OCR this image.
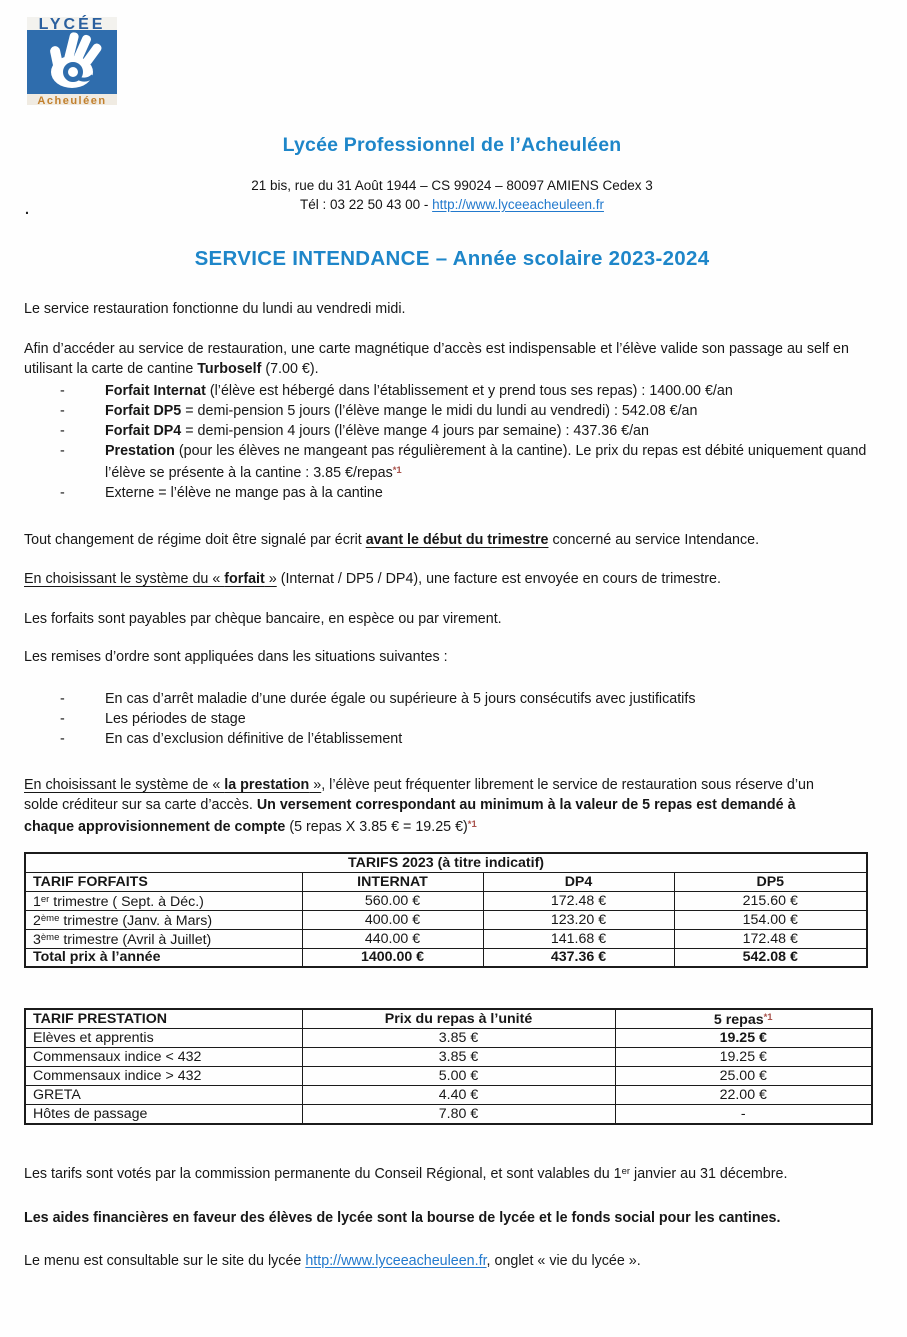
LYCÉE
Acheuléen
.
Lycée Professionnel de l’Acheuléen
21 bis, rue du 31 Août 1944 – CS 99024 – 80097 AMIENS Cedex 3
Tél : 03 22 50 43 00 - http://www.lyceeacheuleen.fr
SERVICE INTENDANCE – Année scolaire 2023-2024

Le service restauration fonctionne du lundi au vendredi midi.

Afin d’accéder au service de restauration, une carte magnétique d’accès est indispensable et l’élève valide son passage au self en utilisant la carte de cantine Turboself (7.00 €).

-	Forfait Internat (l’élève est hébergé dans l’établissement et y prend tous ses repas) : 1400.00 €/an
-	Forfait DP5 = demi-pension 5 jours (l’élève mange le midi du lundi au vendredi) : 542.08 €/an
-	Forfait DP4 = demi-pension 4 jours (l’élève mange 4 jours par semaine) : 437.36 €/an
-	Prestation (pour les élèves ne mangeant pas régulièrement à la cantine). Le prix du repas est débité uniquement quand l’élève se présente à la cantine : 3.85 €/repas$^{*1}$
-	Externe = l’élève ne mange pas à la cantine

Tout changement de régime doit être signalé par écrit avant le début du trimestre concerné au service Intendance.

En choisissant le système du « forfait » (Internat / DP5 / DP4), une facture est envoyée en cours de trimestre.

Les forfaits sont payables par chèque bancaire, en espèce ou par virement.

Les remises d’ordre sont appliquées dans les situations suivantes :

-	En cas d’arrêt maladie d’une durée égale ou supérieure à 5 jours consécutifs avec justificatifs
-	Les périodes de stage
-	En cas d’exclusion définitive de l’établissement

En choisissant le système de « la prestation », l’élève peut fréquenter librement le service de restauration sous réserve d’un solde créditeur sur sa carte d’accès. Un versement correspondant au minimum à la valeur de 5 repas est demandé à chaque approvisionnement de compte (5 repas X 3.85 € = 19.25 €)$^{*1}$

TARIFS 2023 (à titre indicatif)			
TARIF FORFAITS	INTERNAT	DP4	DP5
1er trimestre ( Sept. à Déc.)	560.00 €	172.48 €	215.60 €
2ème trimestre (Janv. à Mars)	400.00 €	123.20 €	154.00 €
3ème trimestre (Avril à Juillet)	440.00 €	141.68 €	172.48 €
Total prix à l’année	1400.00 €	437.36 €	542.08 €
TARIF PRESTATION	Prix du repas à l’unité	5 repas$^{*1}$
Elèves et apprentis	3.85 €	19.25 €
Commensaux indice < 432	3.85 €	19.25 €
Commensaux indice > 432	5.00 €	25.00 €
GRETA	4.40 €	22.00 €
Hôtes de passage	7.80 €	-

Les tarifs sont votés par la commission permanente du Conseil Régional, et sont valables du 1er janvier au 31 décembre.

Les aides financières en faveur des élèves de lycée sont la bourse de lycée et le fonds social pour les cantines.

Le menu est consultable sur le site du lycée http://www.lyceeacheuleen.fr, onglet « vie du lycée ».
